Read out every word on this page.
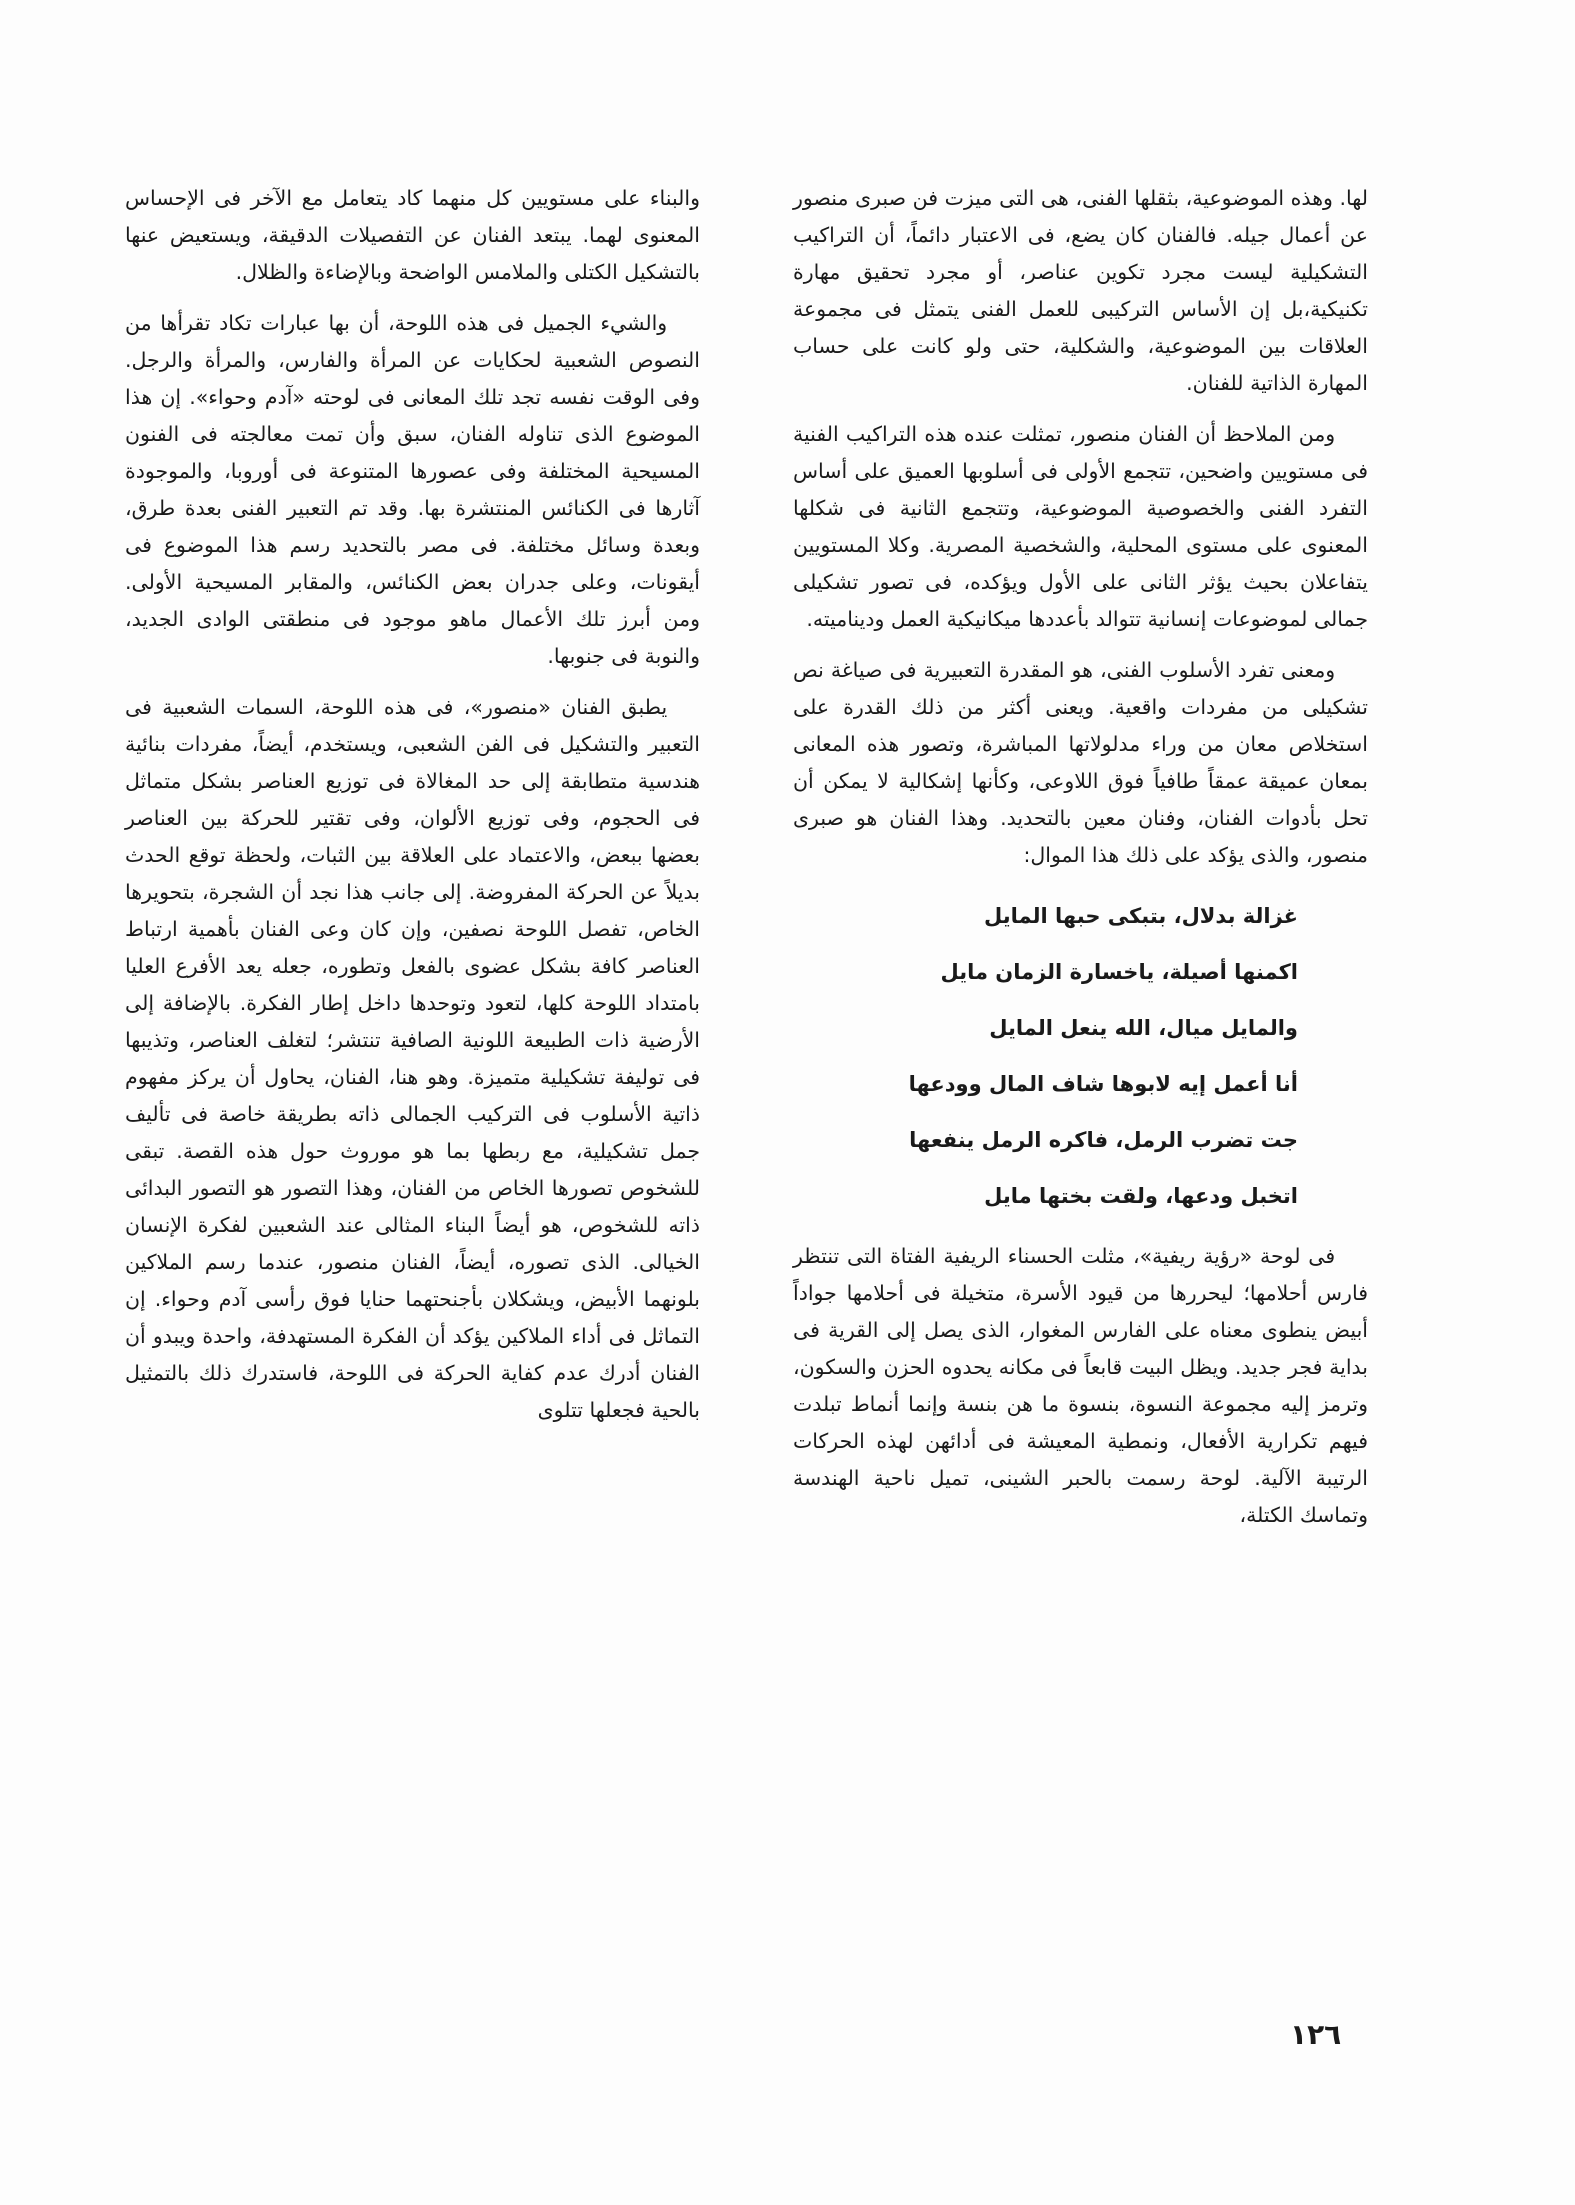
لها. وهذه الموضوعية، بثقلها الفنى، هى التى ميزت فن صبرى منصور عن أعمال جيله. فالفنان كان يضع، فى الاعتبار دائماً، أن التراكيب التشكيلية ليست مجرد تكوين عناصر، أو مجرد تحقيق مهارة تكنيكية،بل إن الأساس التركيبى للعمل الفنى يتمثل فى مجموعة العلاقات بين الموضوعية، والشكلية، حتى ولو كانت على حساب المهارة الذاتية للفنان.

ومن الملاحظ أن الفنان منصور، تمثلت عنده هذه التراكيب الفنية فى مستويين واضحين، تتجمع الأولى فى أسلوبها العميق على أساس التفرد الفنى والخصوصية الموضوعية، وتتجمع الثانية فى شكلها المعنوى على مستوى المحلية، والشخصية المصرية. وكلا المستويين يتفاعلان بحيث يؤثر الثانى على الأول ويؤكده، فى تصور تشكيلى جمالى لموضوعات إنسانية تتوالد بأعددها ميكانيكية العمل وديناميته.

ومعنى تفرد الأسلوب الفنى، هو المقدرة التعبيرية فى صياغة نص تشكيلى من مفردات واقعية. ويعنى أكثر من ذلك القدرة على استخلاص معان من وراء مدلولاتها المباشرة، وتصور هذه المعانى بمعان عميقة عمقاً طافياً فوق اللاوعى، وكأنها إشكالية لا يمكن أن تحل بأدوات الفنان، وفنان معين بالتحديد. وهذا الفنان هو صبرى منصور، والذى يؤكد على ذلك هذا الموال:

غزالة بدلال، بتبكى حبها المايل
اكمنها أصيلة، ياخسارة الزمان مايل
والمايل ميال، الله ينعل المايل
أنا أعمل إيه لابوها شاف المال وودعها
جت تضرب الرمل، فاكره الرمل ينفعها
اتخبل ودعها، ولقت بختها مايل

فى لوحة «رؤية ريفية»، مثلت الحسناء الريفية الفتاة التى تنتظر فارس أحلامها؛ ليحررها من قيود الأسرة، متخيلة فى أحلامها جواداً أبيض ينطوى معناه على الفارس المغوار، الذى يصل إلى القرية فى بداية فجر جديد. ويظل البيت قابعاً فى مكانه يحدوه الحزن والسكون، وترمز إليه مجموعة النسوة، بنسوة ما هن بنسة وإنما أنماط تبلدت فيهم تكرارية الأفعال، ونمطية المعيشة فى أدائهن لهذه الحركات الرتيبة الآلية. لوحة رسمت بالحبر الشينى، تميل ناحية الهندسة وتماسك الكتلة،

والبناء على مستويين كل منهما كاد يتعامل مع الآخر فى الإحساس المعنوى لهما. يبتعد الفنان عن التفصيلات الدقيقة، ويستعيض عنها بالتشكيل الكتلى والملامس الواضحة وبالإضاءة والظلال.

والشيء الجميل فى هذه اللوحة، أن بها عبارات تكاد تقرأها من النصوص الشعبية لحكايات عن المرأة والفارس، والمرأة والرجل. وفى الوقت نفسه تجد تلك المعانى فى لوحته «آدم وحواء». إن هذا الموضوع الذى تناوله الفنان، سبق وأن تمت معالجته فى الفنون المسيحية المختلفة وفى عصورها المتنوعة فى أوروبا، والموجودة آثارها فى الكنائس المنتشرة بها. وقد تم التعبير الفنى بعدة طرق، وبعدة وسائل مختلفة. فى مصر بالتحديد رسم هذا الموضوع فى أيقونات، وعلى جدران بعض الكنائس، والمقابر المسيحية الأولى. ومن أبرز تلك الأعمال ماهو موجود فى منطقتى الوادى الجديد، والنوبة فى جنوبها.

يطبق الفنان «منصور»، فى هذه اللوحة، السمات الشعبية فى التعبير والتشكيل فى الفن الشعبى، ويستخدم، أيضاً، مفردات بنائية هندسية متطابقة إلى حد المغالاة فى توزيع العناصر بشكل متماثل فى الحجوم، وفى توزيع الألوان، وفى تقتير للحركة بين العناصر بعضها ببعض، والاعتماد على العلاقة بين الثبات، ولحظة توقع الحدث بديلاً عن الحركة المفروضة. إلى جانب هذا نجد أن الشجرة، بتحويرها الخاص، تفصل اللوحة نصفين، وإن كان وعى الفنان بأهمية ارتباط العناصر كافة بشكل عضوى بالفعل وتطوره، جعله يعد الأفرع العليا بامتداد اللوحة كلها، لتعود وتوحدها داخل إطار الفكرة. بالإضافة إلى الأرضية ذات الطبيعة اللونية الصافية تنتشر؛ لتغلف العناصر، وتذيبها فى توليفة تشكيلية متميزة. وهو هنا، الفنان، يحاول أن يركز مفهوم ذاتية الأسلوب فى التركيب الجمالى ذاته بطريقة خاصة فى تأليف جمل تشكيلية، مع ربطها بما هو موروث حول هذه القصة. تبقى للشخوص تصورها الخاص من الفنان، وهذا التصور هو التصور البدائى ذاته للشخوص، هو أيضاً البناء المثالى عند الشعبين لفكرة الإنسان الخيالى. الذى تصوره، أيضاً، الفنان منصور، عندما رسم الملاكين بلونهما الأبيض، ويشكلان بأجنحتهما حنايا فوق رأسى آدم وحواء. إن التماثل فى أداء الملاكين يؤكد أن الفكرة المستهدفة، واحدة ويبدو أن الفنان أدرك عدم كفاية الحركة فى اللوحة، فاستدرك ذلك بالتمثيل بالحية فجعلها تتلوى

١٢٦
